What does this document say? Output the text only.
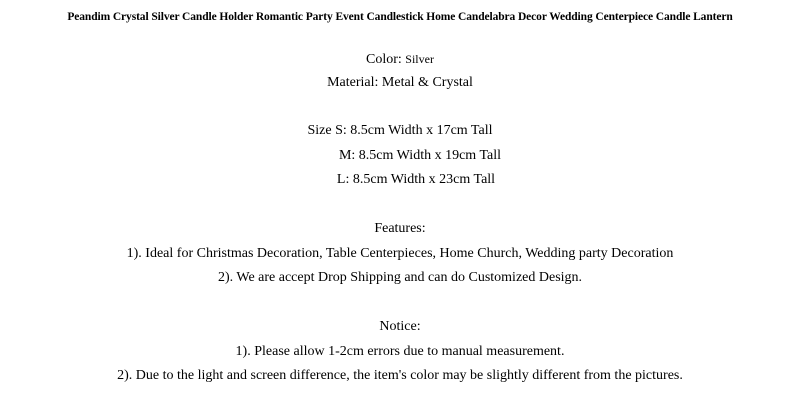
Peandim Crystal Silver Candle Holder Romantic Party Event Candlestick Home Candelabra Decor Wedding Centerpiece Candle Lantern
Color: Silver
Material: Metal & Crystal
Size S: 8.5cm Width x 17cm Tall
M: 8.5cm Width x 19cm Tall
L: 8.5cm Width x 23cm Tall
Features:
1). Ideal for Christmas Decoration, Table Centerpieces, Home Church, Wedding party Decoration
2). We are accept Drop Shipping and can do Customized Design.
Notice:
1). Please allow 1-2cm errors due to manual measurement.
2). Due to the light and screen difference, the item's color may be slightly different from the pictures.
